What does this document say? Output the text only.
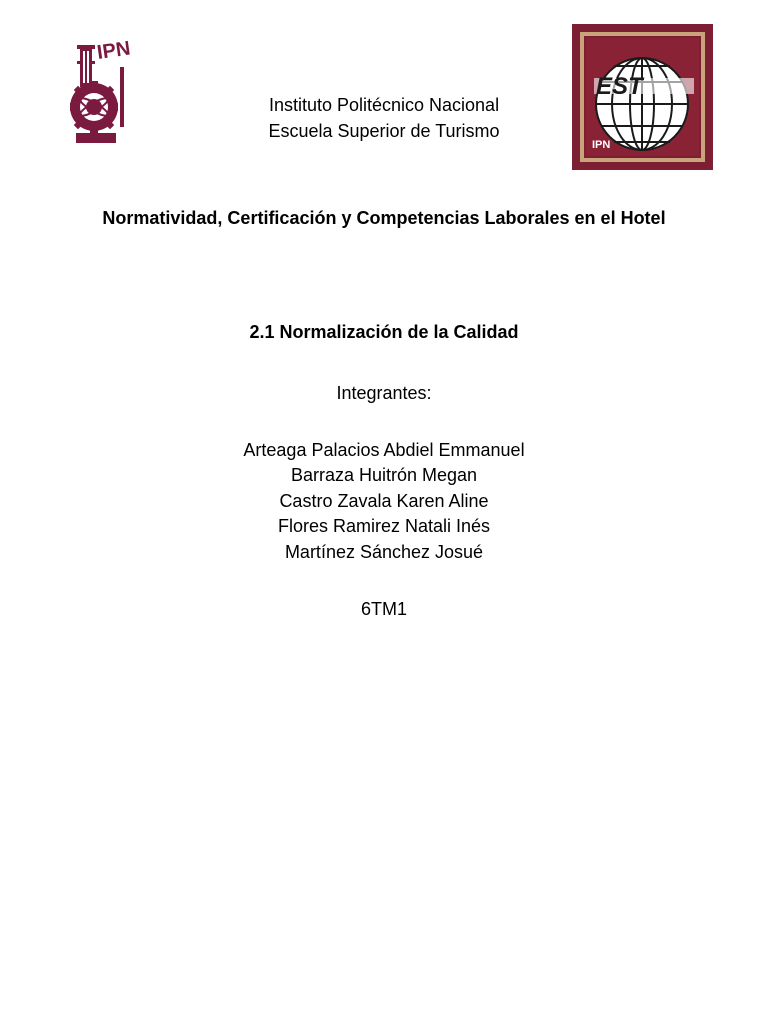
IPN
Instituto Politécnico Nacional
Escuela Superior de Turismo
EST
IPN
Normatividad, Certificación y Competencias Laborales en el Hotel
2.1 Normalización de la Calidad
Integrantes:
Arteaga Palacios Abdiel Emmanuel
Barraza Huitrón Megan
Castro Zavala Karen Aline
Flores Ramirez Natali Inés
Martínez Sánchez Josué
6TM1
